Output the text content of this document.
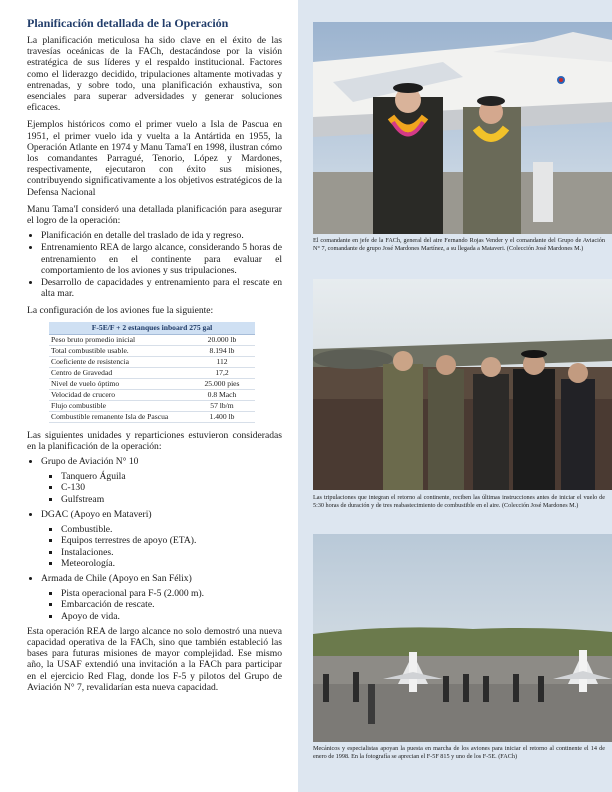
Planificación detallada de la Operación

La planificación meticulosa ha sido clave en el éxito de las travesías oceánicas de la FACh, destacándose por la visión estratégica de sus líderes y el respaldo institucional. Factores como el liderazgo decidido, tripulaciones altamente motivadas y entrenadas, y sobre todo, una planificación exhaustiva, son esenciales para superar adversidades y generar soluciones eficaces.

Ejemplos históricos como el primer vuelo a Isla de Pascua en 1951, el primer vuelo ida y vuelta a la Antártida en 1955, la Operación Atlante en 1974 y Manu Tama'I en 1998, ilustran cómo los comandantes Parragué, Tenorio, López y Mardones, respectivamente, ejecutaron con éxito sus misiones, contribuyendo significativamente a los objetivos estratégicos de la Defensa Nacional

Manu Tama'I consideró una detallada planificación para asegurar el logro de la operación:

• Planificación en detalle del traslado de ida y regreso.
• Entrenamiento REA de largo alcance, considerando 5 horas de entrenamiento en el continente para evaluar el comportamiento de los aviones y sus tripulaciones.
• Desarrollo de capacidades y entrenamiento para el rescate en alta mar.

La configuración de los aviones fue la siguiente:

F-5E/F + 2 estanques inboard 275 gal	
Peso bruto promedio inicial	20.000 lb
Total combustible usable.	8.194 lb
Coeficiente de resistencia	112
Centro de Gravedad	17,2
Nivel de vuelo óptimo	25.000 pies
Velocidad de crucero	0.8 Mach
Flujo combustible	57 lb/m
Combustible remanente Isla de Pascua	1.400 lb

Las siguientes unidades y reparticiones estuvieron consideradas en la planificación de la operación:

• Grupo de Aviación N° 10
▪ Tanquero Águila
▪ C-130
▪ Gulfstream
• DGAC (Apoyo en Mataveri)
▪ Combustible.
▪ Equipos terrestres de apoyo (ETA).
▪ Instalaciones.
▪ Meteorología.
• Armada de Chile (Apoyo en San Félix)
▪ Pista operacional para F-5 (2.000 m).
▪ Embarcación de rescate.
▪ Apoyo de vida.

Esta operación REA de largo alcance no solo demostró una nueva capacidad operativa de la FACh, sino que también estableció las bases para futuras misiones de mayor complejidad. Ese mismo año, la USAF extendió una invitación a la FACh para participar en el ejercicio Red Flag, donde los F-5 y pilotos del Grupo de Aviación N° 7, revalidarían esta nueva capacidad.

El comandante en jefe de la FACh, general del aire Fernando Rojas Vender y el comandante del Grupo de Aviación N° 7, comandante de grupo José Mardones Martínez, a su llegada a Mataveri. (Colección José Mardones M.)
Las tripulaciones que integran el retorno al continente, reciben las últimas instrucciones antes de iniciar el vuelo de 5:30 horas de duración y de tres reabastecimiento de combustible en el aire. (Colección José Mardones M.)
Mecánicos y especialistas apoyan la puesta en marcha de los aviones para iniciar el retorno al continente el 14 de enero de 1998. En la fotografía se aprecian el F-5F 815 y uno de los F-5E. (FACh)
